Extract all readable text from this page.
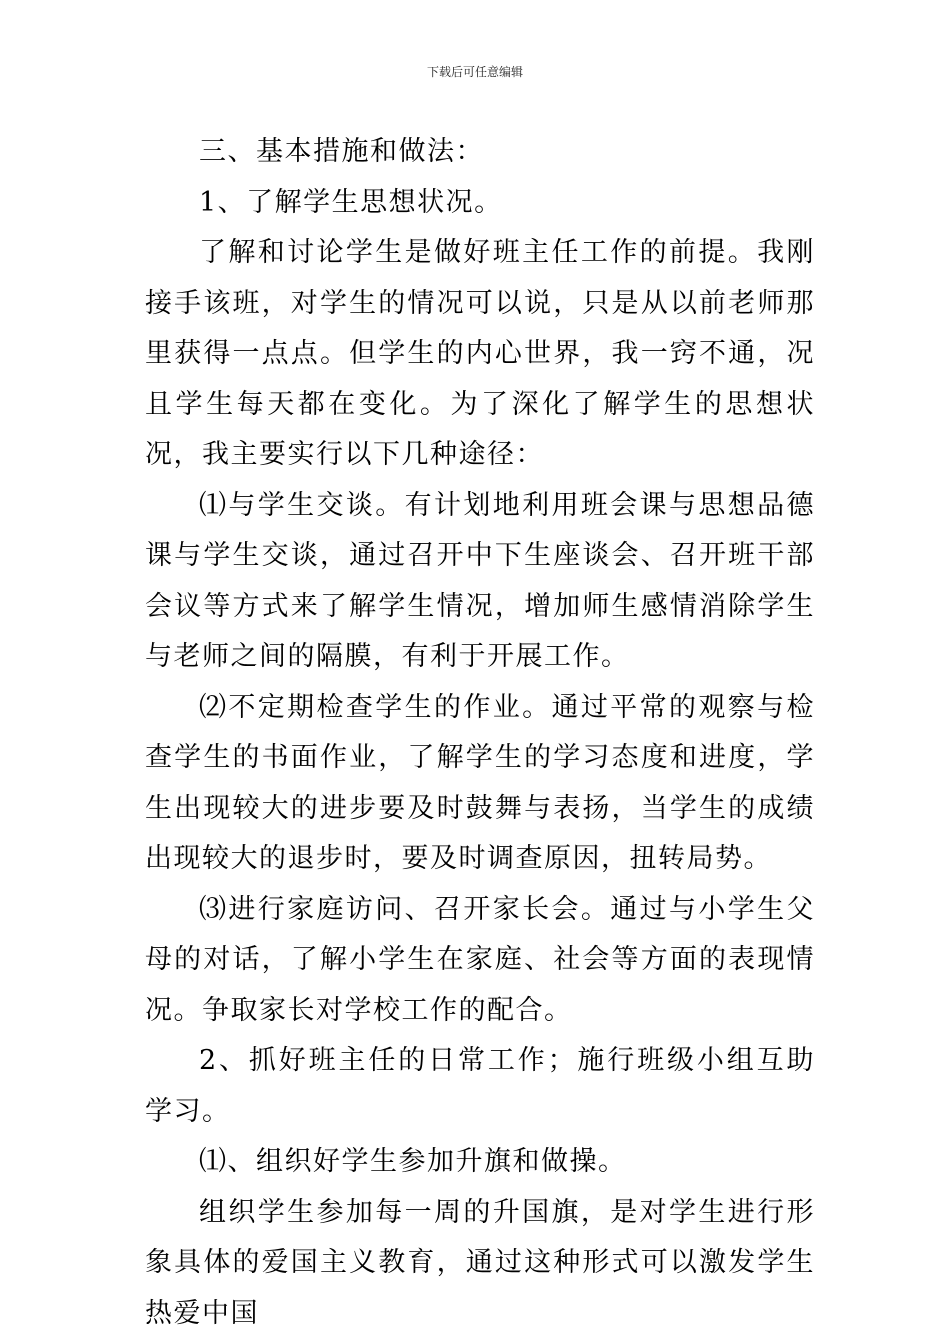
下载后可任意编辑

三、基本措施和做法：

1、了解学生思想状况。

了解和讨论学生是做好班主任工作的前提。我刚接手该班，对学生的情况可以说，只是从以前老师那里获得一点点。但学生的内心世界，我一窍不通，况且学生每天都在变化。为了深化了解学生的思想状况，我主要实行以下几种途径：

⑴与学生交谈。有计划地利用班会课与思想品德课与学生交谈，通过召开中下生座谈会、召开班干部会议等方式来了解学生情况，增加师生感情消除学生与老师之间的隔膜，有利于开展工作。

⑵不定期检查学生的作业。通过平常的观察与检查学生的书面作业，了解学生的学习态度和进度，学生出现较大的进步要及时鼓舞与表扬，当学生的成绩出现较大的退步时，要及时调查原因，扭转局势。

⑶进行家庭访问、召开家长会。通过与小学生父母的对话，了解小学生在家庭、社会等方面的表现情况。争取家长对学校工作的配合。

2、抓好班主任的日常工作；施行班级小组互助学习。

⑴、组织好学生参加升旗和做操。

组织学生参加每一周的升国旗，是对学生进行形象具体的爱国主义教育，通过这种形式可以激发学生热爱中国
